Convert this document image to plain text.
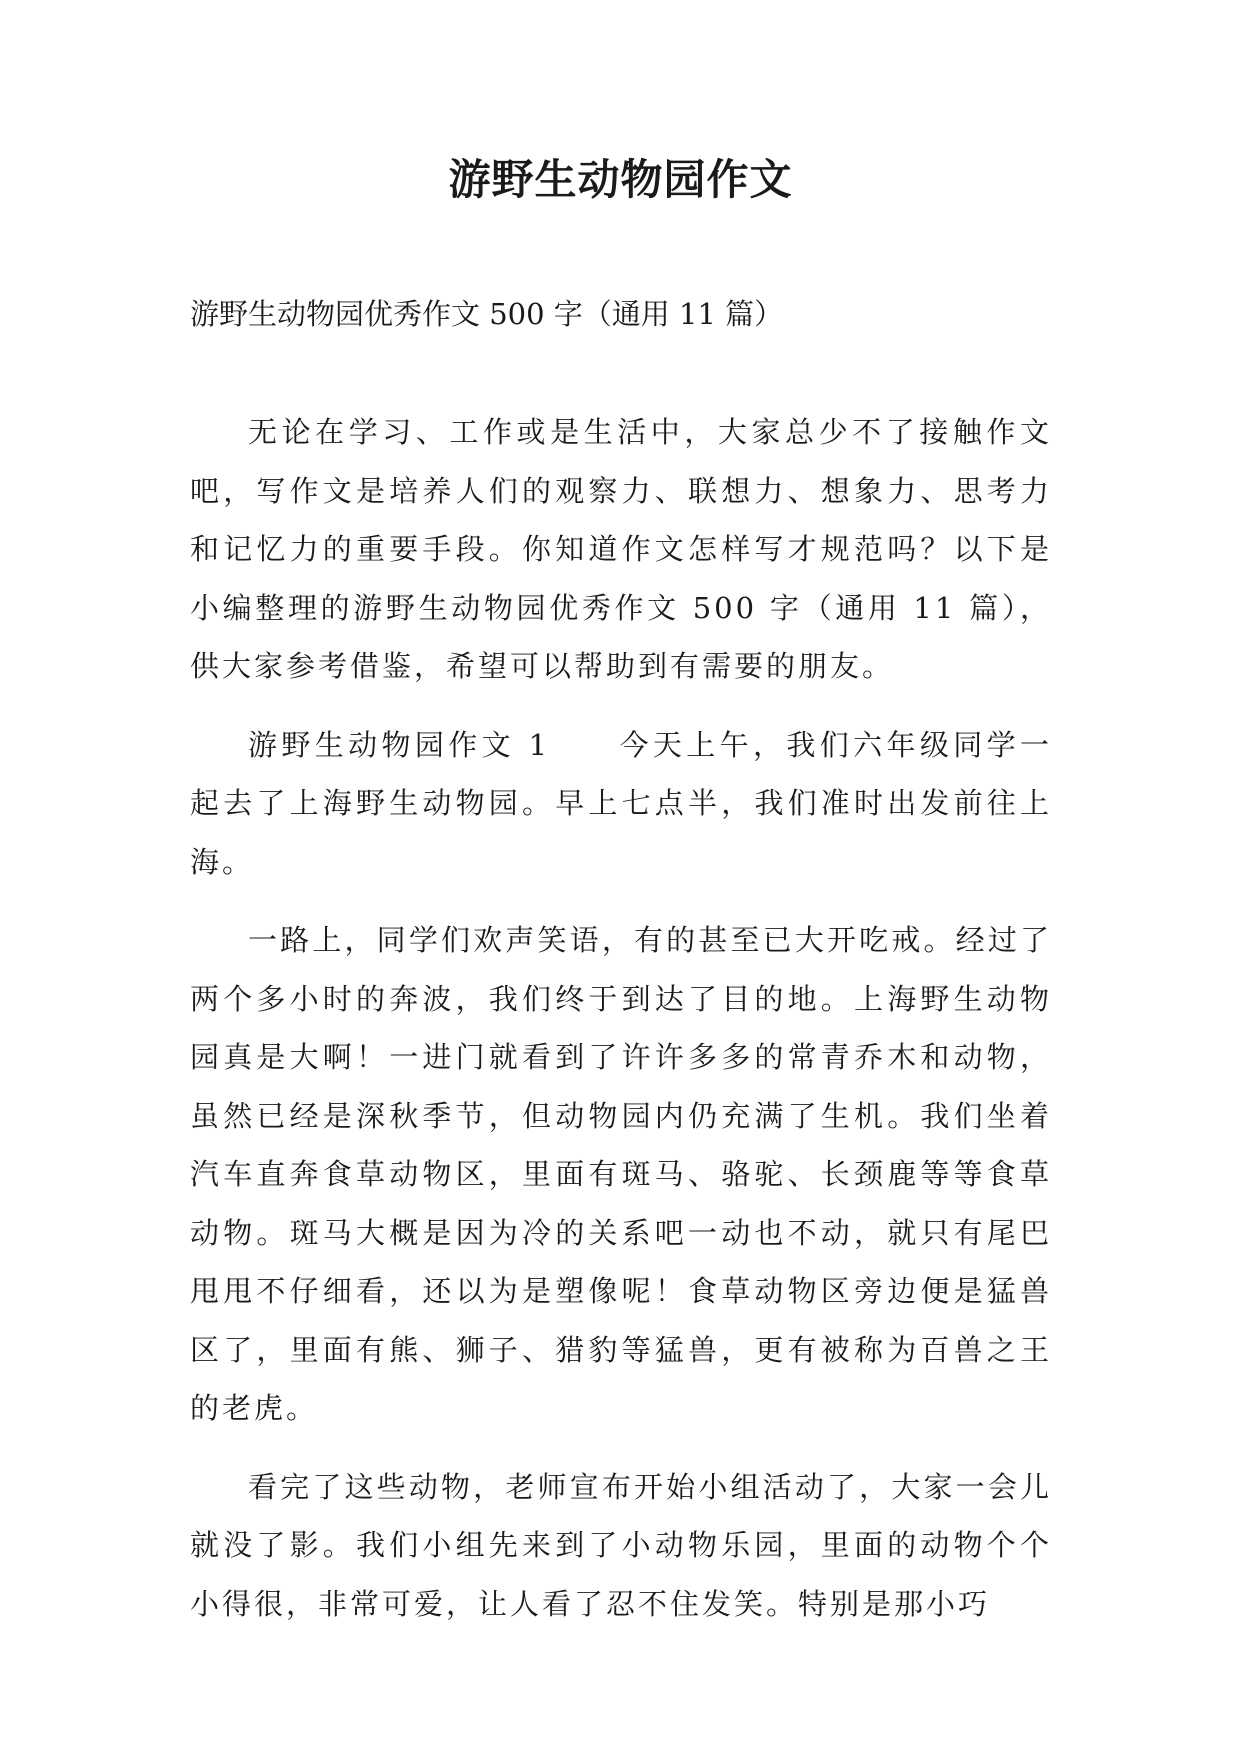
游野生动物园作文

游野生动物园优秀作文 500 字（通用 11 篇）

无论在学习、工作或是生活中，大家总少不了接触作文吧，写作文是培养人们的观察力、联想力、想象力、思考力和记忆力的重要手段。你知道作文怎样写才规范吗？以下是小编整理的游野生动物园优秀作文 500 字（通用 11 篇），供大家参考借鉴，希望可以帮助到有需要的朋友。

游野生动物园作文 1 今天上午，我们六年级同学一起去了上海野生动物园。早上七点半，我们准时出发前往上海。

一路上，同学们欢声笑语，有的甚至已大开吃戒。经过了两个多小时的奔波，我们终于到达了目的地。上海野生动物园真是大啊！一进门就看到了许许多多的常青乔木和动物，虽然已经是深秋季节，但动物园内仍充满了生机。我们坐着汽车直奔食草动物区，里面有斑马、骆驼、长颈鹿等等食草动物。斑马大概是因为冷的关系吧一动也不动，就只有尾巴甩甩不仔细看，还以为是塑像呢！食草动物区旁边便是猛兽区了，里面有熊、狮子、猎豹等猛兽，更有被称为百兽之王的老虎。

看完了这些动物，老师宣布开始小组活动了，大家一会儿就没了影。我们小组先来到了小动物乐园，里面的动物个个小得很，非常可爱，让人看了忍不住发笑。特别是那小巧
